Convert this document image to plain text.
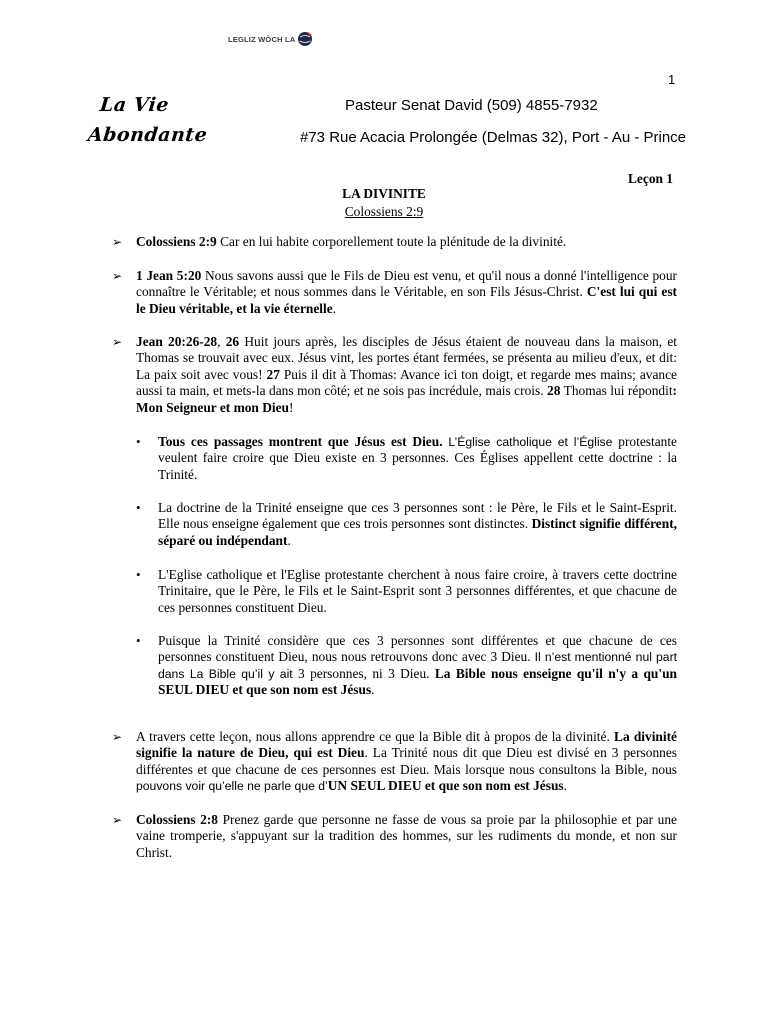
LEGLIZ WÒCH LA
1
La Vie
Abondante
Pasteur Senat David (509) 4855-7932
#73 Rue Acacia Prolongée (Delmas 32), Port - Au - Prince
Leçon 1
LA DIVINITE
Colossiens 2:9
➢ Colossiens 2:9 Car en lui habite corporellement toute la plénitude de la divinité.
➢ 1 Jean 5:20 Nous savons aussi que le Fils de Dieu est venu, et qu'il nous a donné l'intelligence pour connaître le Véritable; et nous sommes dans le Véritable, en son Fils Jésus-Christ. C'est lui qui est le Dieu véritable, et la vie éternelle.
➢ Jean 20:26-28, 26 Huit jours après, les disciples de Jésus étaient de nouveau dans la maison, et Thomas se trouvait avec eux. Jésus vint, les portes étant fermées, se présenta au milieu d'eux, et dit: La paix soit avec vous! 27 Puis il dit à Thomas: Avance ici ton doigt, et regarde mes mains; avance aussi ta main, et mets-la dans mon côté; et ne sois pas incrédule, mais crois. 28 Thomas lui répondit: Mon Seigneur et mon Dieu!
• Tous ces passages montrent que Jésus est Dieu. L’Église catholique et l’Église protestante veulent faire croire que Dieu existe en 3 personnes. Ces Églises appellent cette doctrine : la Trinité.
• La doctrine de la Trinité enseigne que ces 3 personnes sont : le Père, le Fils et le Saint-Esprit. Elle nous enseigne également que ces trois personnes sont distinctes. Distinct signifie différent, séparé ou indépendant.
• L'Eglise catholique et l'Eglise protestante cherchent à nous faire croire, à travers cette doctrine Trinitaire, que le Père, le Fils et le Saint-Esprit sont 3 personnes différentes, et que chacune de ces personnes constituent Dieu.
• Puisque la Trinité considère que ces 3 personnes sont différentes et que chacune de ces personnes constituent Dieu, nous nous retrouvons donc avec 3 Dieu. Il n’est mentionné nul part dans La Bible qu’il y ait 3 personnes, ni 3 Dieu. La Bible nous enseigne qu'il n'y a qu'un SEUL DIEU et que son nom est Jésus.
➢ A travers cette leçon, nous allons apprendre ce que la Bible dit à propos de la divinité. La divinité signifie la nature de Dieu, qui est Dieu. La Trinité nous dit que Dieu est divisé en 3 personnes différentes et que chacune de ces personnes est Dieu. Mais lorsque nous consultons la Bible, nous pouvons voir qu’elle ne parle que d’UN SEUL DIEU et que son nom est Jésus.
➢ Colossiens 2:8 Prenez garde que personne ne fasse de vous sa proie par la philosophie et par une vaine tromperie, s'appuyant sur la tradition des hommes, sur les rudiments du monde, et non sur Christ.
